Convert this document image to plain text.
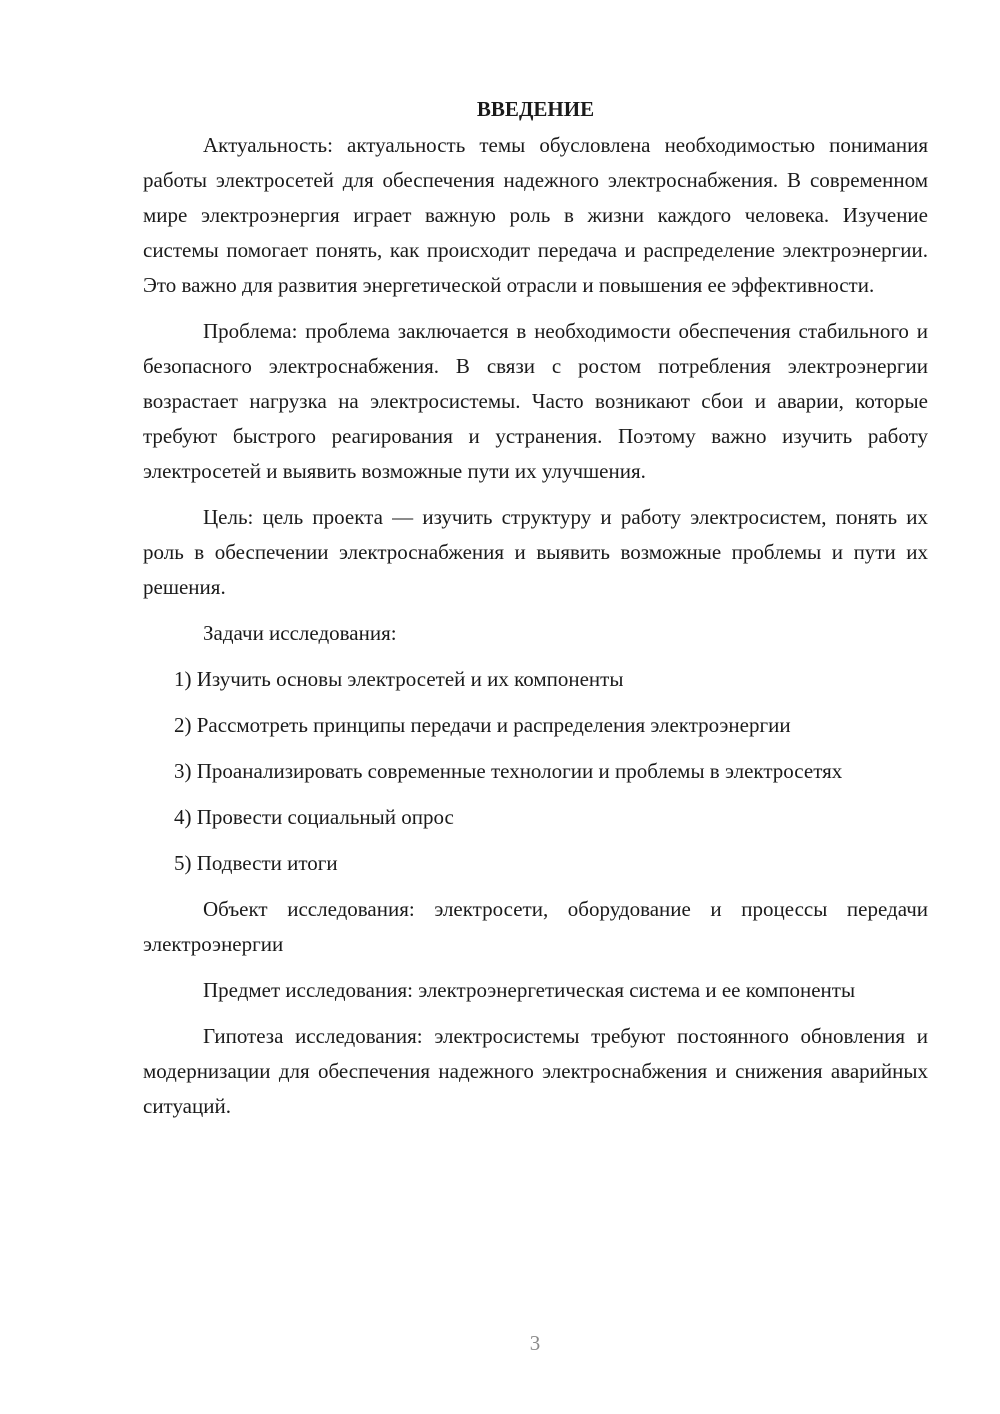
ВВЕДЕНИЕ

Актуальность: актуальность темы обусловлена необходимостью понимания работы электросетей для обеспечения надежного электроснабжения. В современном мире электроэнергия играет важную роль в жизни каждого человека. Изучение системы помогает понять, как происходит передача и распределение электроэнергии. Это важно для развития энергетической отрасли и повышения ее эффективности.

Проблема: проблема заключается в необходимости обеспечения стабильного и безопасного электроснабжения. В связи с ростом потребления электроэнергии возрастает нагрузка на электросистемы. Часто возникают сбои и аварии, которые требуют быстрого реагирования и устранения. Поэтому важно изучить работу электросетей и выявить возможные пути их улучшения.

Цель: цель проекта — изучить структуру и работу электросистем, понять их роль в обеспечении электроснабжения и выявить возможные проблемы и пути их решения.

Задачи исследования:

1) Изучить основы электросетей и их компоненты

2) Рассмотреть принципы передачи и распределения электроэнергии

3) Проанализировать современные технологии и проблемы в электросетях

4) Провести социальный опрос

5) Подвести итоги

Объект исследования: электросети, оборудование и процессы передачи электроэнергии

Предмет исследования: электроэнергетическая система и ее компоненты

Гипотеза исследования: электросистемы требуют постоянного обновления и модернизации для обеспечения надежного электроснабжения и снижения аварийных ситуаций.

3
